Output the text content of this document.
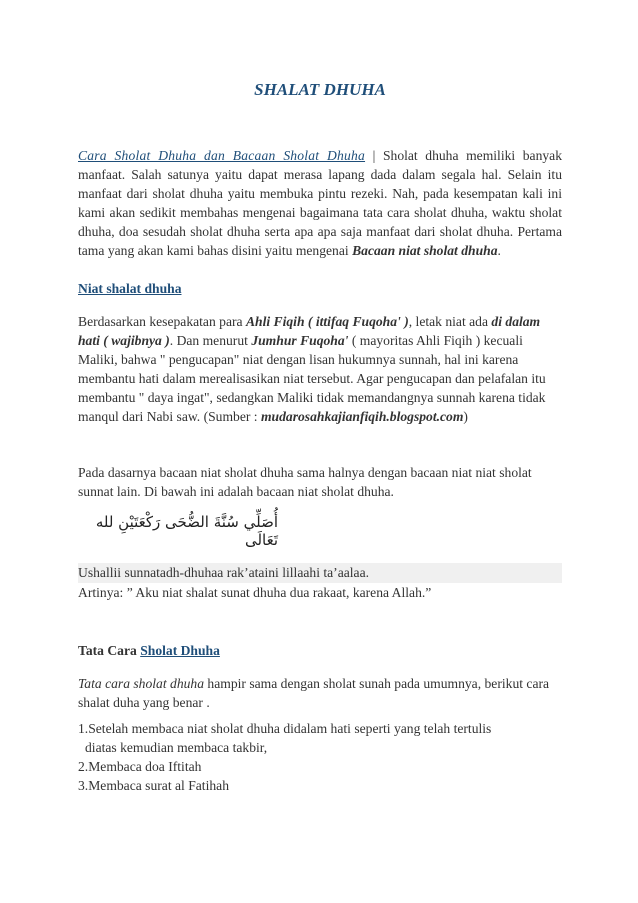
SHALAT DHUHA
Cara Sholat Dhuha dan Bacaan Sholat Dhuha | Sholat dhuha memiliki banyak manfaat. Salah satunya yaitu dapat merasa lapang dada dalam segala hal. Selain itu manfaat dari sholat dhuha yaitu membuka pintu rezeki. Nah, pada kesempatan kali ini kami akan sedikit membahas mengenai bagaimana tata cara sholat dhuha, waktu sholat dhuha, doa sesudah sholat dhuha serta apa apa saja manfaat dari sholat dhuha. Pertama tama yang akan kami bahas disini yaitu mengenai Bacaan niat sholat dhuha.
Niat shalat dhuha
Berdasarkan kesepakatan para Ahli Fiqih ( ittifaq Fuqoha' ), letak niat ada di dalam hati ( wajibnya ). Dan menurut Jumhur Fuqoha' ( mayoritas Ahli Fiqih ) kecuali Maliki, bahwa " pengucapan" niat dengan lisan hukumnya sunnah, hal ini karena membantu hati dalam merealisasikan niat tersebut. Agar pengucapan dan pelafalan itu membantu " daya ingat", sedangkan Maliki tidak memandangnya sunnah karena tidak manqul dari Nabi saw. (Sumber : mudarosahkajianfiqih.blogspot.com)
Pada dasarnya bacaan niat sholat dhuha sama halnya dengan bacaan niat niat sholat sunnat lain. Di bawah ini adalah bacaan niat sholat dhuha.
أُصَلِّي سُنَّةَ الضُّحَى رَكْعَتَيْنِ لله تَعَالَى
Ushallii sunnatadh-dhuhaa rak’ataini lillaahi ta’aalaa.
Artinya: ” Aku niat shalat sunat dhuha dua rakaat, karena Allah.”
Tata Cara Sholat Dhuha
Tata cara sholat dhuha hampir sama dengan sholat sunah pada umumnya, berikut cara shalat duha yang benar .
1.Setelah membaca niat sholat dhuha didalam hati seperti yang telah tertulis
diatas kemudian membaca takbir,
2.Membaca doa Iftitah
3.Membaca surat al Fatihah
